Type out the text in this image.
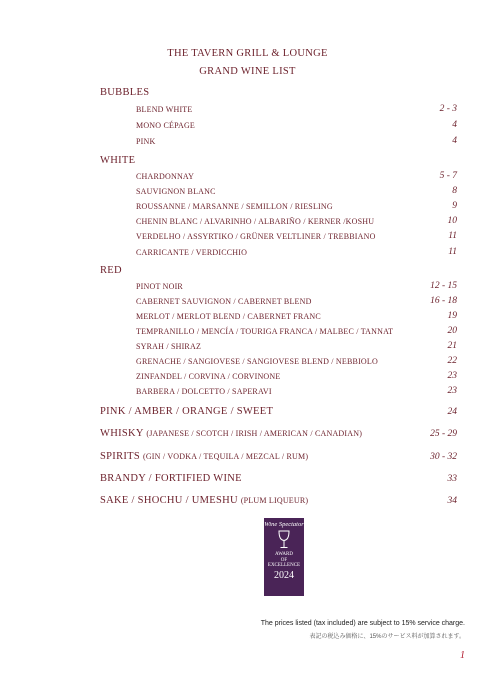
THE TAVERN GRILL & LOUNGE
GRAND WINE LIST
BUBBLES
BLEND WHITE	2 - 3
MONO CÉPAGE	4
PINK	4
WHITE
CHARDONNAY	5 - 7
SAUVIGNON BLANC	8
ROUSSANNE / MARSANNE / SEMILLON / RIESLING	9
CHENIN BLANC / ALVARINHO / ALBARIÑO / KERNER /KOSHU	10
VERDELHO / ASSYRTIKO / GRÜNER VELTLINER / TREBBIANO	11
CARRICANTE / VERDICCHIO	11
RED
PINOT NOIR	12 - 15
CABERNET SAUVIGNON / CABERNET BLEND	16 - 18
MERLOT / MERLOT BLEND / CABERNET FRANC	19
TEMPRANILLO / MENCÍA / TOURIGA FRANCA / MALBEC / TANNAT	20
SYRAH / SHIRAZ	21
GRENACHE / SANGIOVESE / SANGIOVESE BLEND / NEBBIOLO	22
ZINFANDEL / CORVINA / CORVINONE	23
BARBERA / DOLCETTO / SAPERAVI	23
PINK / AMBER / ORANGE / SWEET	24
WHISKY (JAPANESE / SCOTCH / IRISH / AMERICAN / CANADIAN)	25 - 29
SPIRITS (GIN / VODKA / TEQUILA / MEZCAL / RUM)	30 - 32
BRANDY / FORTIFIED WINE	33
SAKE / SHOCHU / UMESHU (PLUM LIQUEUR)	34
Wine Spectator
AWARD
OF
EXCELLENCE
2024
The prices listed (tax included) are subject to 15% service charge.
表記の税込み価格に、15%のサービス料が加算されます。
1
